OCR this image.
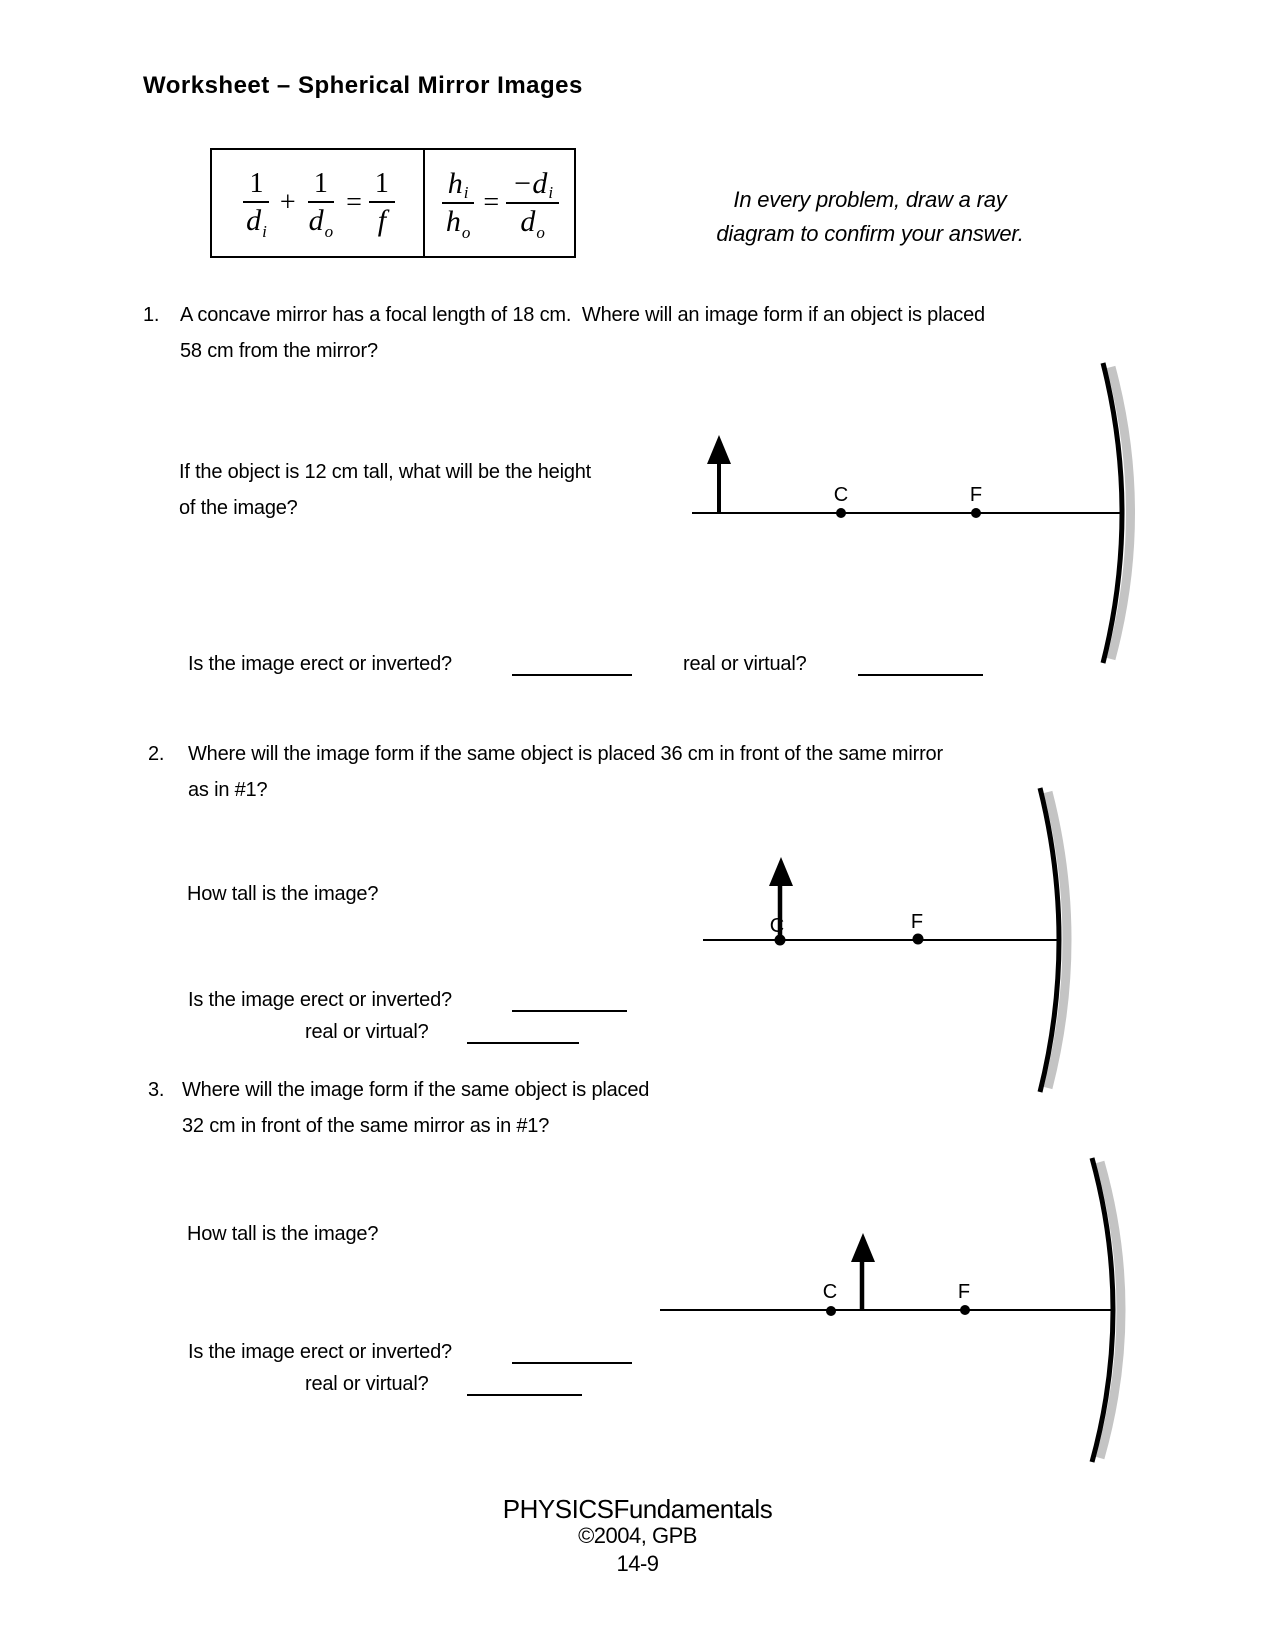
Worksheet – Spherical Mirror Images
$\frac{1}{di} + \frac{1}{do} = \frac{1}{f} \frac{hi}{ho} = \frac{-di}{do}$	In every problem, draw a ray
diagram to confirm your answer.
1. A concave mirror has a focal length of 18 cm.  Where will an image form if an object is placed
58 cm from the mirror?
If the object is 12 cm tall, what will be the height
of the image?
Is the image erect or inverted?	real or virtual?
C	F
2. Where will the image form if the same object is placed 36 cm in front of the same mirror
as in #1?
How tall is the image?
Is the image erect or inverted?
real or virtual?
C	F
3. Where will the image form if the same object is placed
32 cm in front of the same mirror as in #1?
How tall is the image?
Is the image erect or inverted?
real or virtual?
C	F
PHYSICSFundamentals
©2004, GPB
14-9
